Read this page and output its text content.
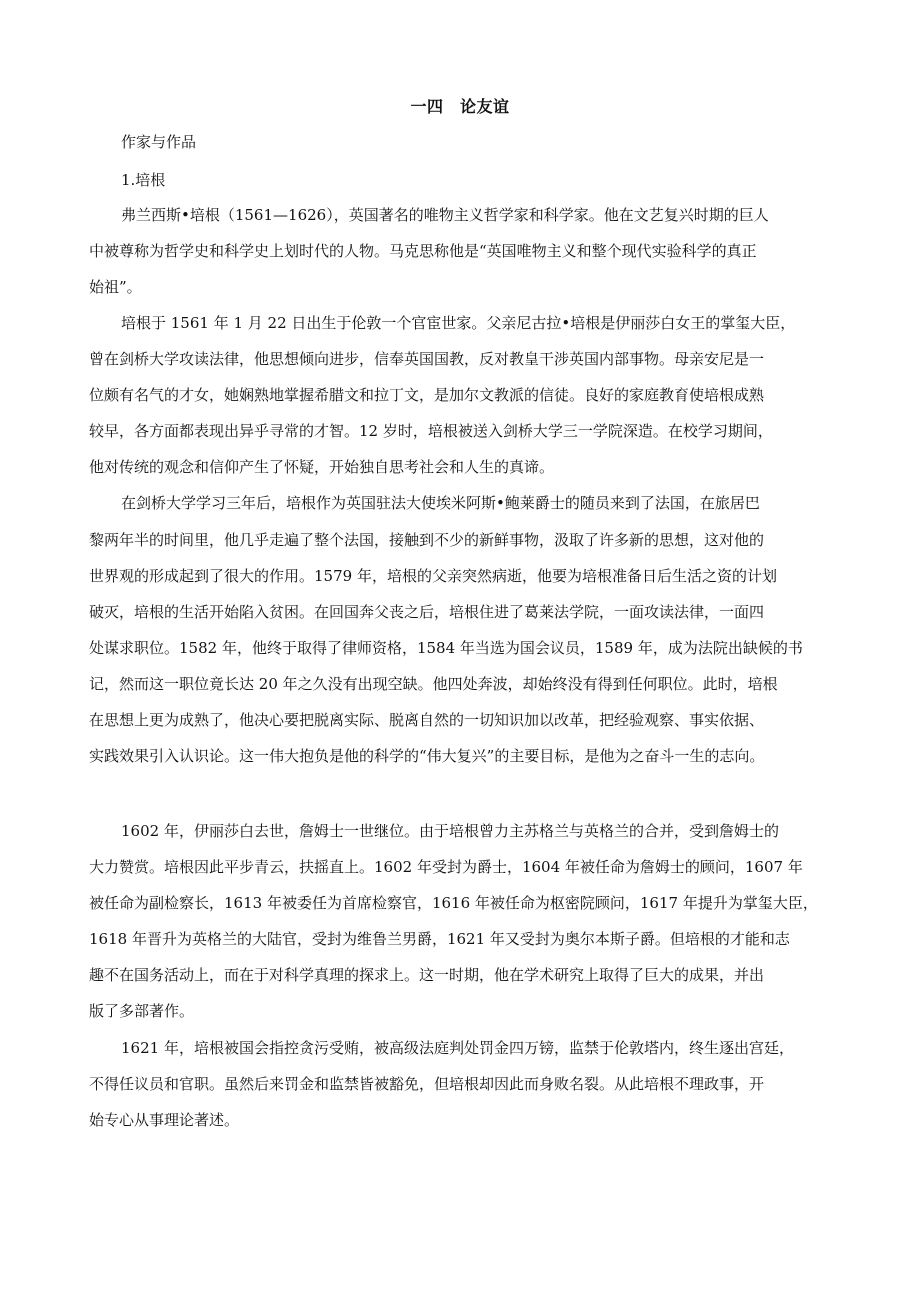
一四　论友谊
作家与作品
1.培根
弗兰西斯•培根（1561—1626），英国著名的唯物主义哲学家和科学家。他在文艺复兴时期的巨人
中被尊称为哲学史和科学史上划时代的人物。马克思称他是“英国唯物主义和整个现代实验科学的真正
始祖”。
培根于 1561 年 1 月 22 日出生于伦敦一个官宦世家。父亲尼古拉•培根是伊丽莎白女王的掌玺大臣，
曾在剑桥大学攻读法律，他思想倾向进步，信奉英国国教，反对教皇干涉英国内部事物。母亲安尼是一
位颇有名气的才女，她娴熟地掌握希腊文和拉丁文，是加尔文教派的信徒。良好的家庭教育使培根成熟
较早，各方面都表现出异乎寻常的才智。12 岁时，培根被送入剑桥大学三一学院深造。在校学习期间，
他对传统的观念和信仰产生了怀疑，开始独自思考社会和人生的真谛。
在剑桥大学学习三年后，培根作为英国驻法大使埃米阿斯•鲍莱爵士的随员来到了法国，在旅居巴
黎两年半的时间里，他几乎走遍了整个法国，接触到不少的新鲜事物，汲取了许多新的思想，这对他的
世界观的形成起到了很大的作用。1579 年，培根的父亲突然病逝，他要为培根准备日后生活之资的计划
破灭，培根的生活开始陷入贫困。在回国奔父丧之后，培根住进了葛莱法学院，一面攻读法律，一面四
处谋求职位。1582 年，他终于取得了律师资格，1584 年当选为国会议员，1589 年，成为法院出缺候的书
记，然而这一职位竟长达 20 年之久没有出现空缺。他四处奔波，却始终没有得到任何职位。此时，培根
在思想上更为成熟了，他决心要把脱离实际、脱离自然的一切知识加以改革，把经验观察、事实依据、
实践效果引入认识论。这一伟大抱负是他的科学的“伟大复兴”的主要目标，是他为之奋斗一生的志向。
1602 年，伊丽莎白去世，詹姆士一世继位。由于培根曾力主苏格兰与英格兰的合并，受到詹姆士的
大力赞赏。培根因此平步青云，扶摇直上。1602 年受封为爵士，1604 年被任命为詹姆士的顾问，1607 年
被任命为副检察长，1613 年被委任为首席检察官，1616 年被任命为枢密院顾问，1617 年提升为掌玺大臣，
1618 年晋升为英格兰的大陆官，受封为维鲁兰男爵，1621 年又受封为奥尔本斯子爵。但培根的才能和志
趣不在国务活动上，而在于对科学真理的探求上。这一时期，他在学术研究上取得了巨大的成果，并出
版了多部著作。
1621 年，培根被国会指控贪污受贿，被高级法庭判处罚金四万镑，监禁于伦敦塔内，终生逐出宫廷，
不得任议员和官职。虽然后来罚金和监禁皆被豁免，但培根却因此而身败名裂。从此培根不理政事，开
始专心从事理论著述。
